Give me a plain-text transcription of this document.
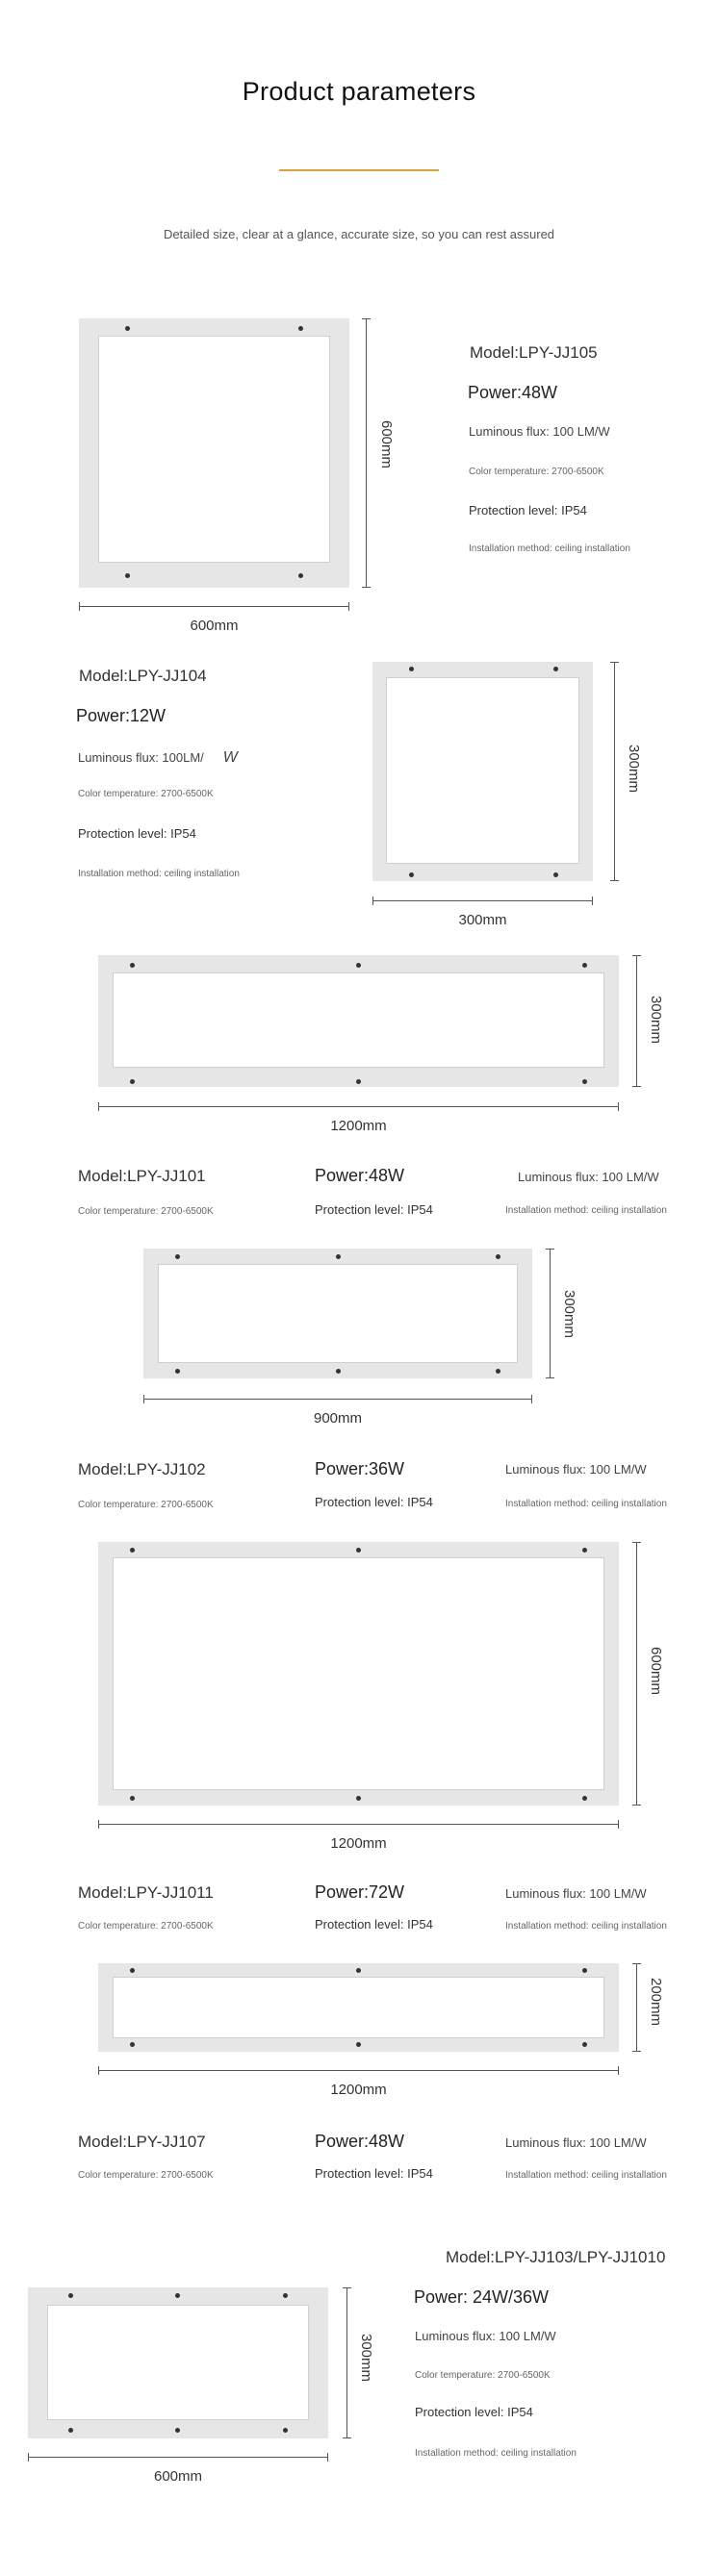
Product parameters
Detailed size, clear at a glance, accurate size, so you can rest assured
600mm
600mm
Model:LPY-JJ105
Power:48W
Luminous flux: 100 LM/W
Color temperature: 2700-6500K
Protection level: IP54
Installation method: ceiling installation
Model:LPY-JJ104
Power:12W
Luminous flux: 100LM/ W
Color temperature: 2700-6500K
Protection level: IP54
Installation method: ceiling installation
300mm
300mm
1200mm
300mm
Model:LPY-JJ101	Power:48W	Luminous flux: 100 LM/W
Color temperature: 2700-6500K	Protection level: IP54	Installation method: ceiling installation
900mm
300mm
Model:LPY-JJ102	Power:36W	Luminous flux: 100 LM/W
Color temperature: 2700-6500K	Protection level: IP54	Installation method: ceiling installation
1200mm
600mm
Model:LPY-JJ1011	Power:72W	Luminous flux: 100 LM/W
Color temperature: 2700-6500K	Protection level: IP54	Installation method: ceiling installation
1200mm
200mm
Model:LPY-JJ107	Power:48W	Luminous flux: 100 LM/W
Color temperature: 2700-6500K	Protection level: IP54	Installation method: ceiling installation
Model:LPY-JJ103/LPY-JJ1010
600mm
300mm
Power: 24W/36W
Luminous flux: 100 LM/W
Color temperature: 2700-6500K
Protection level: IP54
Installation method: ceiling installation
